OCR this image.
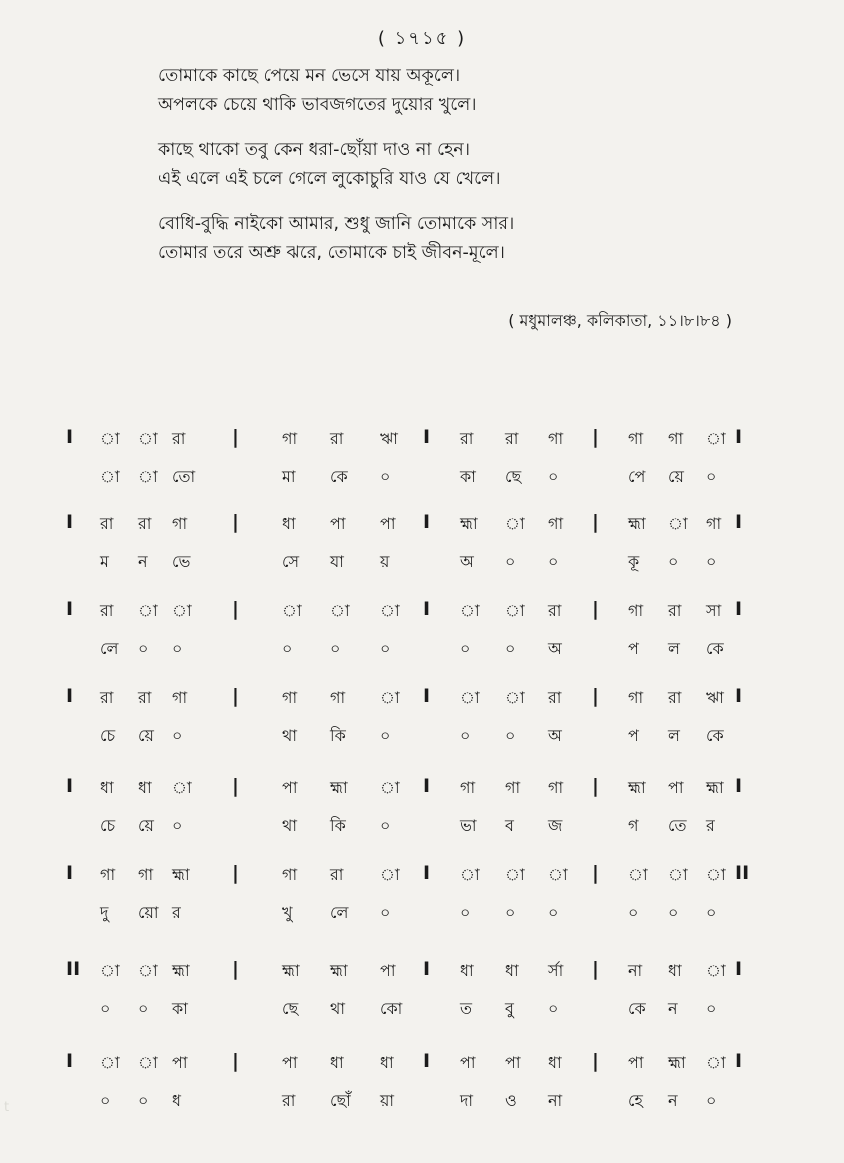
( ১৭১৫ )
তোমাকে কাছে পেয়ে মন ভেসে যায় অকূলে।
অপলকে চেয়ে থাকি ভাবজগতের দুয়োর খুলে।
কাছে থাকো তবু কেন ধরা-ছোঁয়া দাও না হেন।
এই এলে এই চলে গেলে লুকোচুরি যাও যে খেলে।
বোধি-বুদ্ধি নাইকো আমার, শুধু জানি তোমাকে সার।
তোমার তরে অশ্রু ঝরে, তোমাকে চাই জীবন-মূলে।
( মধুমালঞ্চ, কলিকাতা, ১১।৮।৮৪ )
I	|	I	|	I
া া রা	গা রা ঋা	রা রা গা	গা গা া
া া তো	মা কে ০	কা ছে ০	পে য়ে ০
I	|	I	|	I
রা রা গা	ধা পা পা	হ্মা া গা	হ্মা া গা
ম ন ভে	সে যা য়	অ ০ ০	কূ ০ ০
I	|	I	|	I
রা া া	া া া	া া রা	গা রা সা
লে ০ ০	০ ০ ০	০ ০ অ	প ল কে
I	|	I	|	I
রা রা গা	গা গা া	া া রা	গা রা ঋা
চে য়ে ০	থা কি ০	০ ০ অ	প ল কে
I	|	I	|	I
ধা ধা া	পা হ্মা া	গা গা গা	হ্মা পা হ্মা
চে য়ে ০	থা কি ০	ভা ব জ	গ তে র
I	|	I	|	II
গা গা হ্মা	গা রা া	া া া	া া া
দু য়ো র	খু লে ০	০ ০ ০	০ ০ ০
II	|	I	|	I
া া হ্মা	হ্মা হ্মা পা	ধা ধা র্সা	না ধা া
০ ০ কা	ছে থা কো	ত বু ০	কে ন ০
I	|	I	|	I
া া পা	পা ধা ধা	পা পা ধা	পা হ্মা া
০ ০ ধ	রা ছোঁ য়া	দা ও না	হে ন ০
t
